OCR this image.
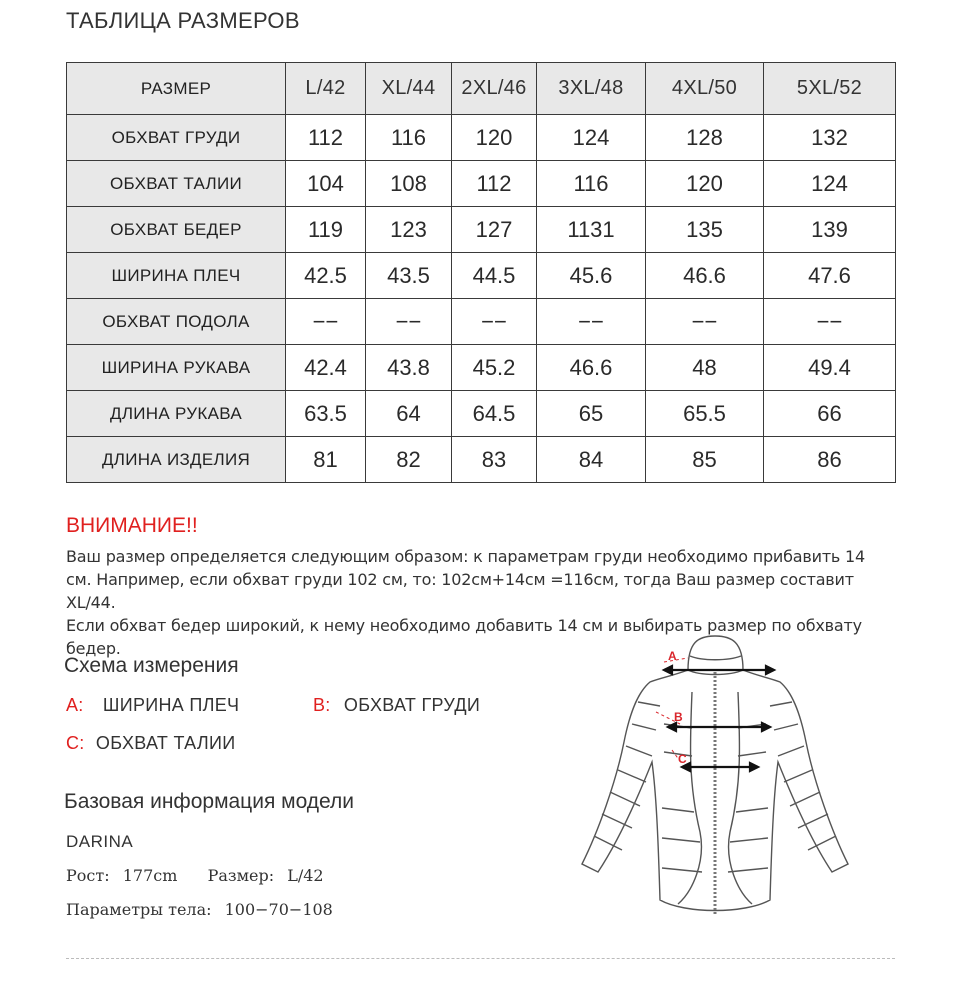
ТАБЛИЦА РАЗМЕРОВ
РАЗМЕР	L/42	XL/44	2XL/46	3XL/48	4XL/50	5XL/52
ОБХВАТ ГРУДИ	112	116	120	124	128	132
ОБХВАТ ТАЛИИ	104	108	112	116	120	124
ОБХВАТ БЕДЕР	119	123	127	1131	135	139
ШИРИНА ПЛЕЧ	42.5	43.5	44.5	45.6	46.6	47.6
ОБХВАТ ПОДОЛА	−−	−−	−−	−−	−−	−−
ШИРИНА РУКАВА	42.4	43.8	45.2	46.6	48	49.4
ДЛИНА РУКАВА	63.5	64	64.5	65	65.5	66
ДЛИНА ИЗДЕЛИЯ	81	82	83	84	85	86
ВНИМАНИЕ!!

Ваш размер определяется следующим образом: к параметрам груди необходимо прибавить 14

см. Например, если обхват груди 102 см, то: 102см+14см =116см, тогда Ваш размер составит XL/44.

Если обхват бедер широкий, к нему необходимо добавить 14 см и выбирать размер по обхвату

бедер.

Схема измерения
A: ШИРИНА ПЛЕЧ	B: ОБХВАТ ГРУДИ
C: ОБХВАТ ТАЛИИ
Базовая информация модели
DARINA
Рост: 177cm Размер: L/42
Параметры тела: 100−70−108
A
B
C
